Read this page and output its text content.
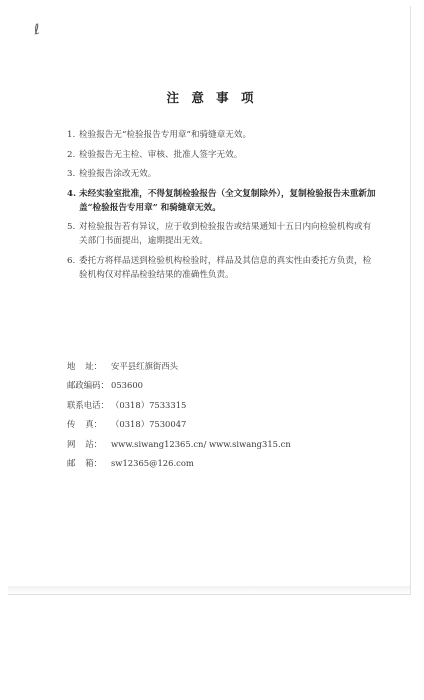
ℓ
注 意 事 项
1. 检验报告无“检验报告专用章”和骑缝章无效。
2. 检验报告无主检、审核、批准人签字无效。
3. 检验报告涂改无效。
4. 未经实验室批准，不得复制检验报告（全文复制除外），复制检验报告未重新加盖“检验报告专用章” 和骑缝章无效。
5. 对检验报告若有异议，应于收到检验报告或结果通知十五日内向检验机构或有关部门书面提出，逾期提出无效。
6. 委托方将样品送到检验机构检验时，样品及其信息的真实性由委托方负责，检验机构仅对样品检验结果的准确性负责。
地 址： 安平县红旗街西头
邮政编码： 053600
联系电话： （0318）7533315
传 真： （0318）7530047
网 站： www.siwang12365.cn/ www.siwang315.cn
邮 箱： sw12365@126.com
